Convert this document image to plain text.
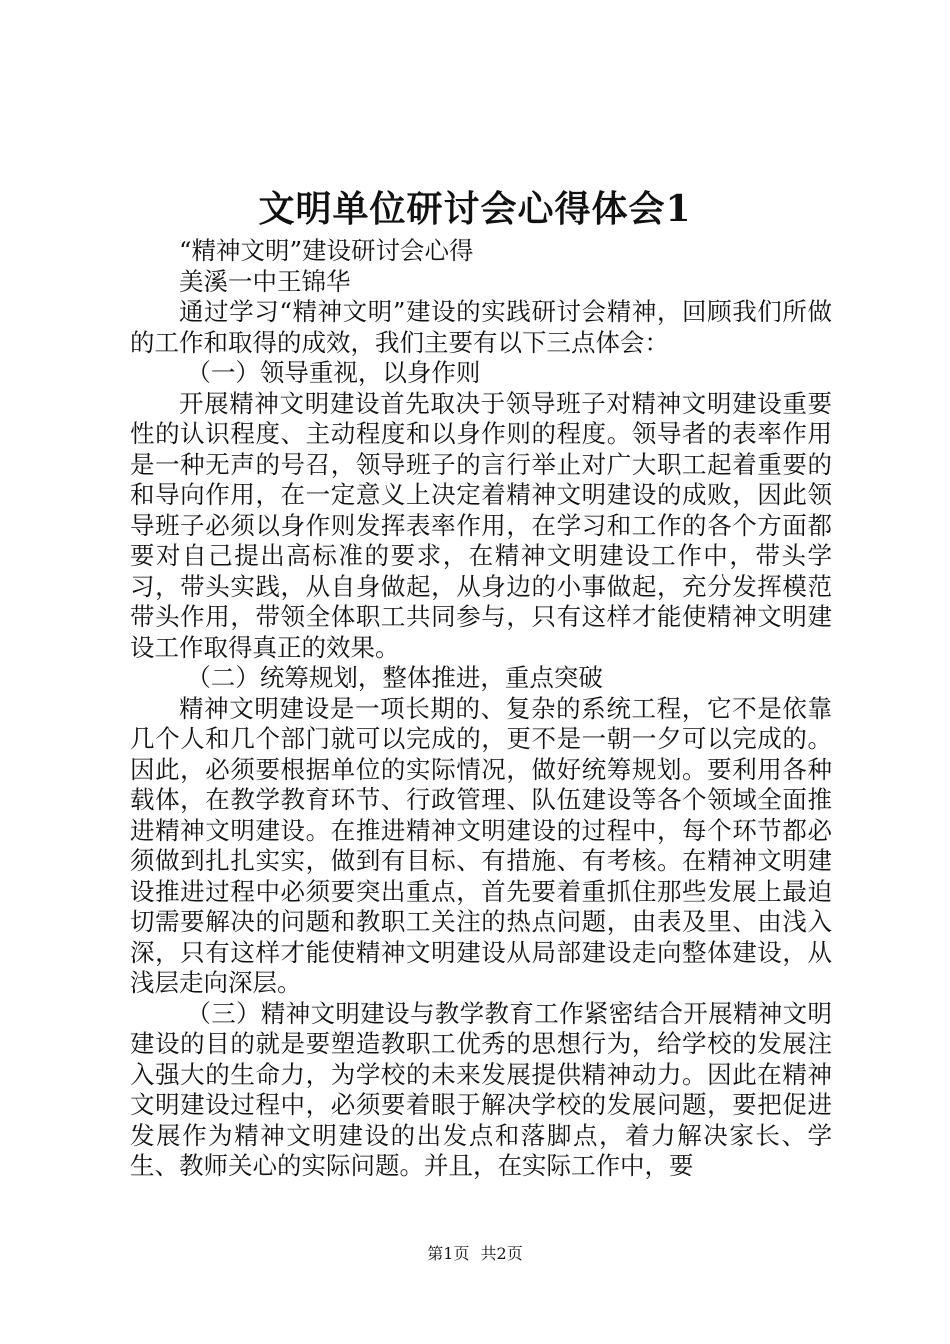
文明单位研讨会心得体会1

“精神文明”建设研讨会心得

美溪一中王锦华

通过学习“精神文明”建设的实践研讨会精神，回顾我们所做的工作和取得的成效，我们主要有以下三点体会：

（一）领导重视，以身作则

开展精神文明建设首先取决于领导班子对精神文明建设重要性的认识程度、主动程度和以身作则的程度。领导者的表率作用是一种无声的号召，领导班子的言行举止对广大职工起着重要的和导向作用，在一定意义上决定着精神文明建设的成败，因此领导班子必须以身作则发挥表率作用，在学习和工作的各个方面都要对自己提出高标准的要求，在精神文明建设工作中，带头学习，带头实践，从自身做起，从身边的小事做起，充分发挥模范带头作用，带领全体职工共同参与，只有这样才能使精神文明建设工作取得真正的效果。

（二）统筹规划，整体推进，重点突破

精神文明建设是一项长期的、复杂的系统工程，它不是依靠几个人和几个部门就可以完成的，更不是一朝一夕可以完成的。因此，必须要根据单位的实际情况，做好统筹规划。要利用各种载体，在教学教育环节、行政管理、队伍建设等各个领域全面推进精神文明建设。在推进精神文明建设的过程中，每个环节都必须做到扎扎实实，做到有目标、有措施、有考核。在精神文明建设推进过程中必须要突出重点，首先要着重抓住那些发展上最迫切需要解决的问题和教职工关注的热点问题，由表及里、由浅入深，只有这样才能使精神文明建设从局部建设走向整体建设，从浅层走向深层。

（三）精神文明建设与教学教育工作紧密结合开展精神文明建设的目的就是要塑造教职工优秀的思想行为，给学校的发展注入强大的生命力，为学校的未来发展提供精神动力。因此在精神文明建设过程中，必须要着眼于解决学校的发展问题，要把促进发展作为精神文明建设的出发点和落脚点，着力解决家长、学生、教师关心的实际问题。并且，在实际工作中，要

第1页 共2页
